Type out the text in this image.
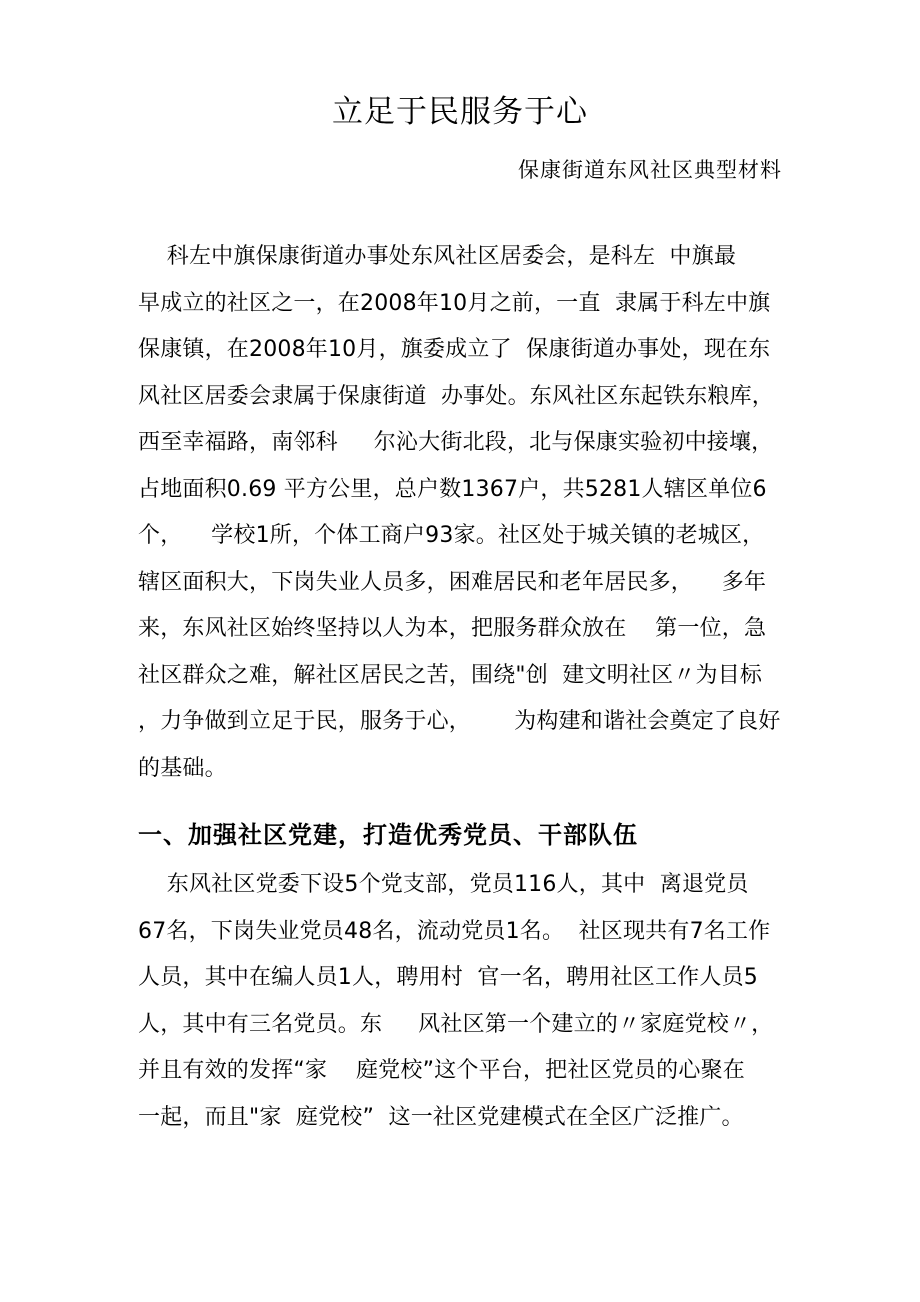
立足于民服务于心

保康街道东风社区典型材料

科左中旗保康街道办事处东风社区居委会，是科左  中旗最
早成立的社区之一，在2008年10月之前，一直  隶属于科左中旗
保康镇，在2008年10月，旗委成立了  保康街道办事处，现在东
风社区居委会隶属于保康街道  办事处。东风社区东起铁东粮库，
西至幸福路，南邻科     尔沁大街北段，北与保康实验初中接壤，
占地面积0.69 平方公里，总户数1367户，共5281人辖区单位6
个，    学校1所，个体工商户93家。社区处于城关镇的老城区，
辖区面积大，下岗失业人员多，困难居民和老年居民多，    多年
来，东风社区始终坚持以人为本，把服务群众放在    第一位，急
社区群众之难，解社区居民之苦，围绕"创  建文明社区〃为目标
，力争做到立足于民，服务于心，      为构建和谐社会奠定了良好
的基础。
一、加强社区党建，打造优秀党员、干部队伍
东风社区党委下设5个党支部，党员116人，其中  离退党员
67名，下岗失业党员48名，流动党员1名。  社区现共有7名工作
人员，其中在编人员1人，聘用村  官一名，聘用社区工作人员5
人，其中有三名党员。东     风社区第一个建立的〃家庭党校〃，
并且有效的发挥“家    庭党校”这个平台，把社区党员的心聚在
一起，而且"家  庭党校”  这一社区党建模式在全区广泛推广。
